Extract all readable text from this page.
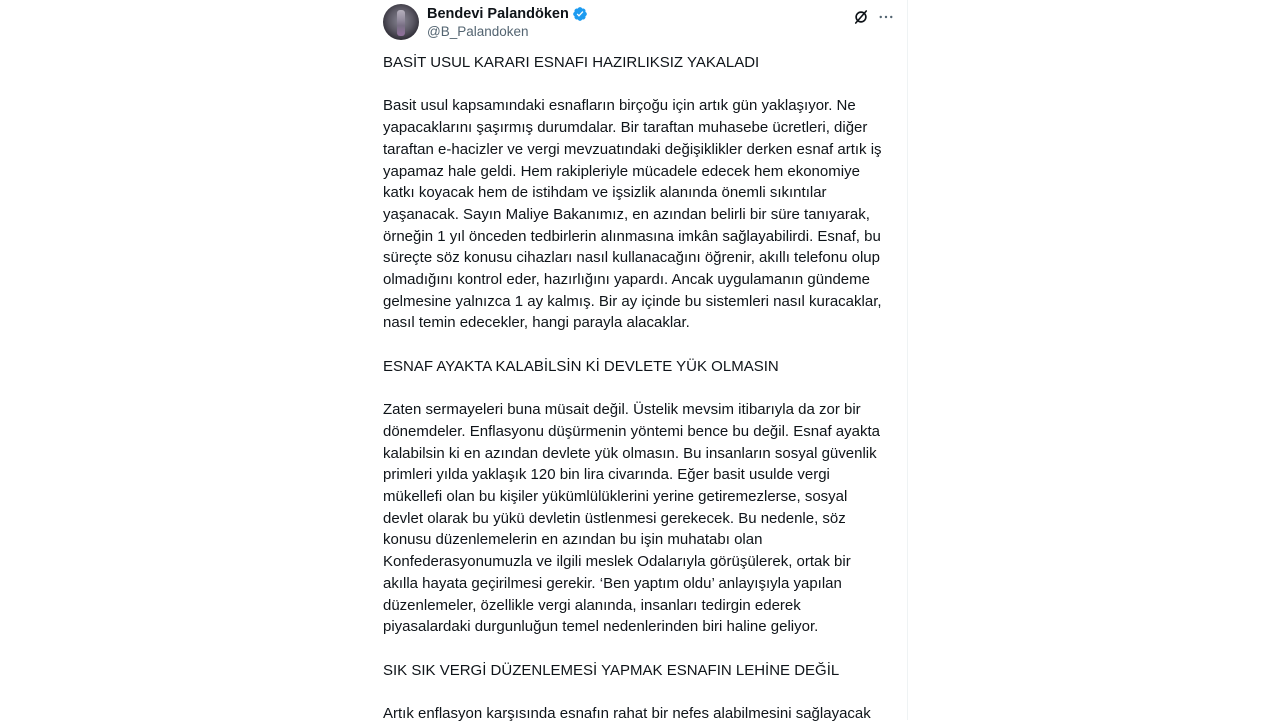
Bendevi Palandöken
@B_Palandoken

BASİT USUL KARARI ESNAFI HAZIRLIKSIZ YAKALADI

Basit usul kapsamındaki esnafların birçoğu için artık gün yaklaşıyor. Ne yapacaklarını şaşırmış durumdalar. Bir taraftan muhasebe ücretleri, diğer taraftan e-hacizler ve vergi mevzuatındaki değişiklikler derken esnaf artık iş yapamaz hale geldi. Hem rakipleriyle mücadele edecek hem ekonomiye katkı koyacak hem de istihdam ve işsizlik alanında önemli sıkıntılar yaşanacak. Sayın Maliye Bakanımız, en azından belirli bir süre tanıyarak, örneğin 1 yıl önceden tedbirlerin alınmasına imkân sağlayabilirdi. Esnaf, bu süreçte söz konusu cihazları nasıl kullanacağını öğrenir, akıllı telefonu olup olmadığını kontrol eder, hazırlığını yapardı. Ancak uygulamanın gündeme gelmesine yalnızca 1 ay kalmış. Bir ay içinde bu sistemleri nasıl kuracaklar, nasıl temin edecekler, hangi parayla alacaklar.

ESNAF AYAKTA KALABİLSİN Kİ DEVLETE YÜK OLMASIN

Zaten sermayeleri buna müsait değil. Üstelik mevsim itibarıyla da zor bir dönemdeler. Enflasyonu düşürmenin yöntemi bence bu değil. Esnaf ayakta kalabilsin ki en azından devlete yük olmasın. Bu insanların sosyal güvenlik primleri yılda yaklaşık 120 bin lira civarında. Eğer basit usulde vergi mükellefi olan bu kişiler yükümlülüklerini yerine getiremezlerse, sosyal devlet olarak bu yükü devletin üstlenmesi gerekecek. Bu nedenle, söz konusu düzenlemelerin en azından bu işin muhatabı olan Konfederasyonumuzla ve ilgili meslek Odalarıyla görüşülerek, ortak bir akılla hayata geçirilmesi gerekir. ‘Ben yaptım oldu’ anlayışıyla yapılan düzenlemeler, özellikle vergi alanında, insanları tedirgin ederek piyasalardaki durgunluğun temel nedenlerinden biri haline geliyor.

SIK SIK VERGİ DÜZENLEMESİ YAPMAK ESNAFIN LEHİNE DEĞİL

Artık enflasyon karşısında esnafın rahat bir nefes alabilmesini sağlayacak
